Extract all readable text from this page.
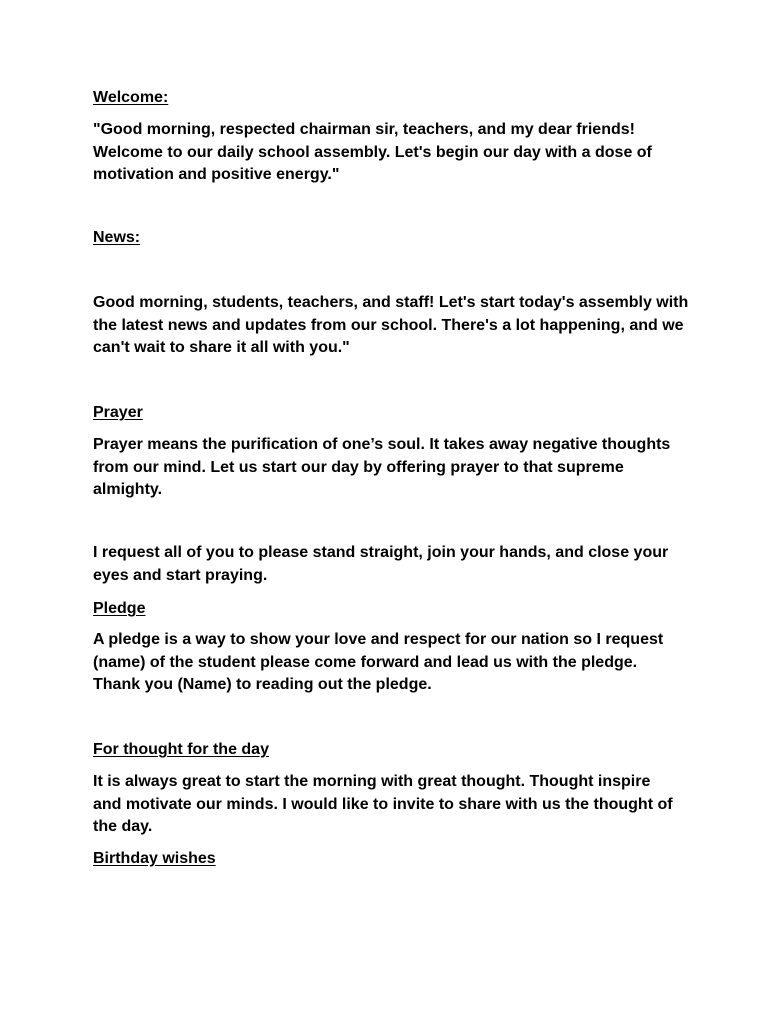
Welcome:

"Good morning, respected chairman sir, teachers, and my dear friends! Welcome to our daily school assembly. Let's begin our day with a dose of motivation and positive energy."

News:

Good morning, students, teachers, and staff! Let's start today's assembly with the latest news and updates from our school. There's a lot happening, and we can't wait to share it all with you."

Prayer

Prayer means the purification of one’s soul. It takes away negative thoughts from our mind. Let us start our day by offering prayer to that supreme almighty.

I request all of you to please stand straight, join your hands, and close your eyes and start praying.

Pledge

A pledge is a way to show your love and respect for our nation so I request (name) of the student please come forward and lead us with the pledge. Thank you (Name) to reading out the pledge.

For thought for the day

It is always great to start the morning with great thought. Thought inspire and motivate our minds. I would like to invite to share with us the thought of the day.

Birthday wishes
